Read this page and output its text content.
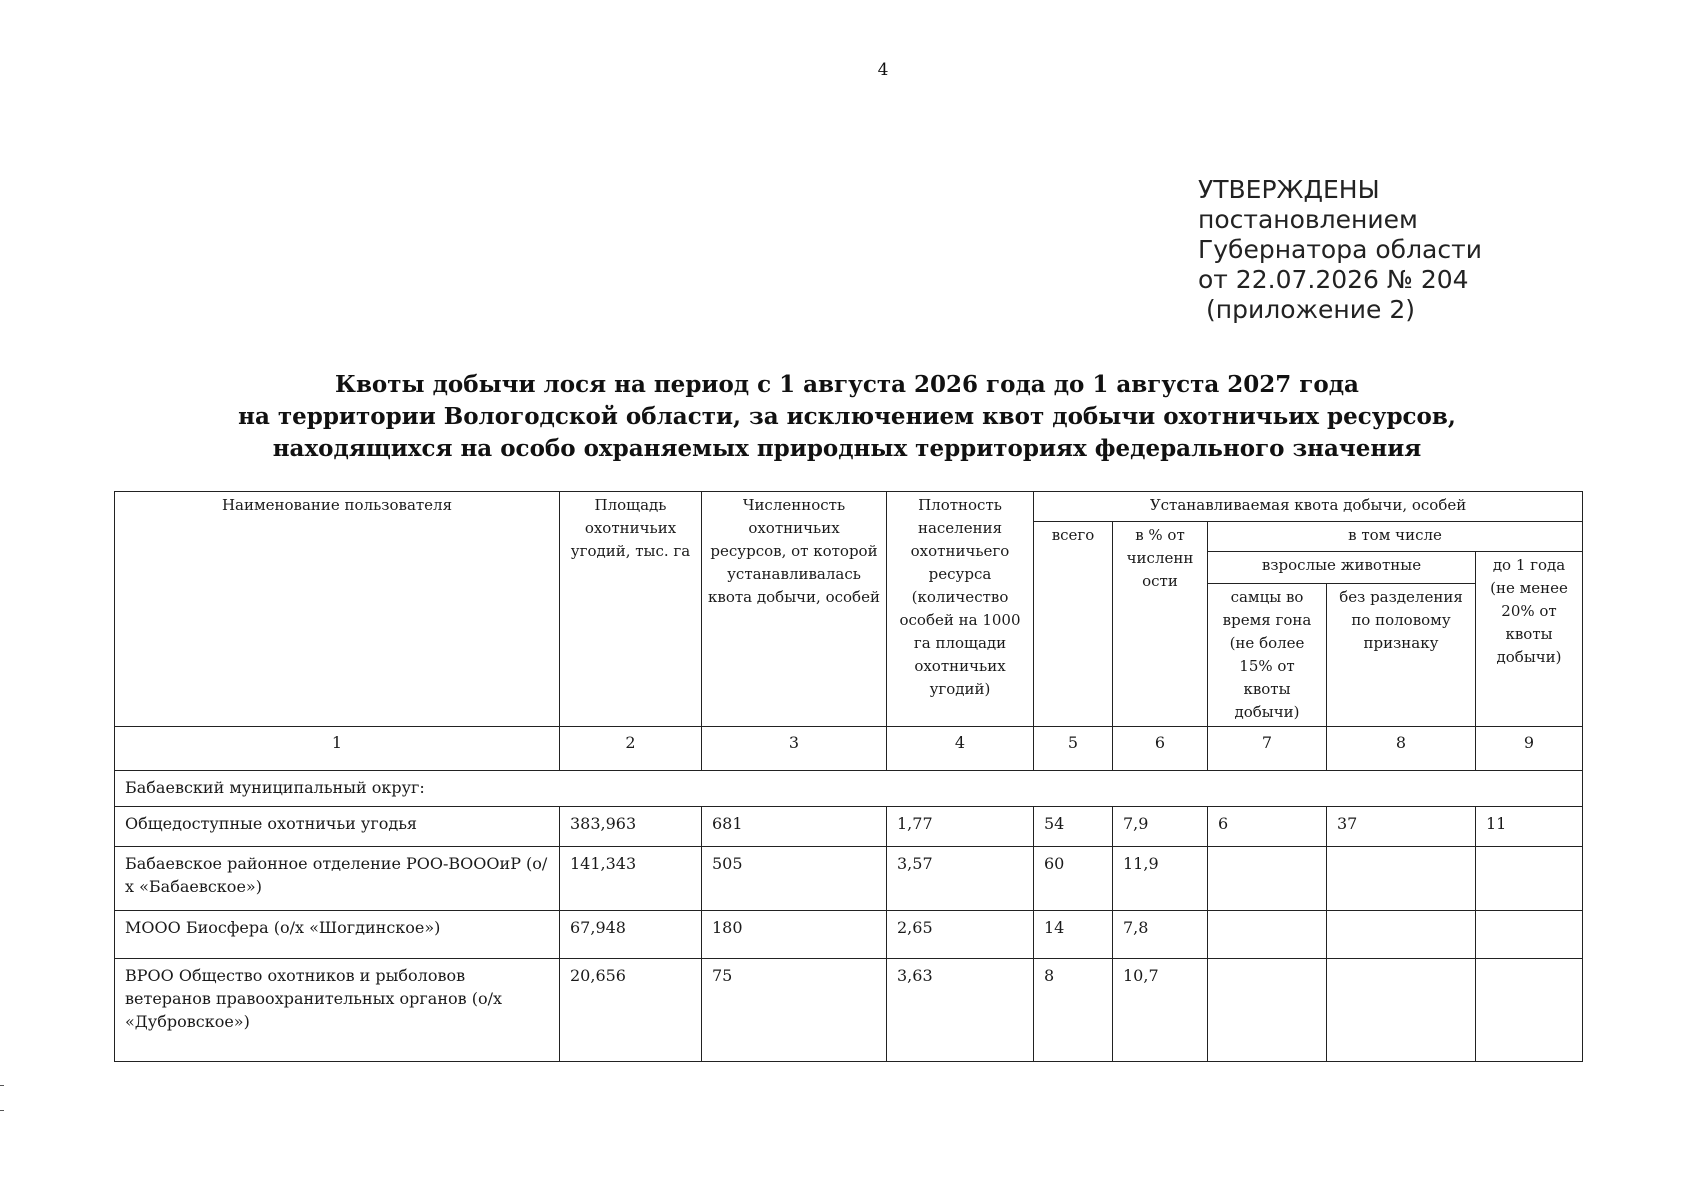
4
УТВЕРЖДЕНЫ
постановлением
Губернатора области
от 22.07.2026 № 204
(приложение 2)
Квоты добычи лося на период с 1 августа 2026 года до 1 августа 2027 года
на территории Вологодской области, за исключением квот добычи охотничьих ресурсов,
находящихся на особо охраняемых природных территориях федерального значения
Наименование пользователя	Площадь охотничьих угодий, тыс. га	Численность охотничьих ресурсов, от которой устанавливалась квота добычи, особей	Плотность населения охотничьего ресурса (количество особей на 1000 га площади охотничьих угодий)	Устанавливаемая квота добычи, особей				
				всего	в % от численн ости	в том числе		
						взрослые животные		до 1 года (не менее 20% от квоты добычи)
						самцы во время гона (не более 15% от квоты добычи)	без разделения по половому признаку	
1	2	3	4	5	6	7	8	9
Бабаевский муниципальный округ:								
Общедоступные охотничьи угодья	383,963	681	1,77	54	7,9	6	37	11
Бабаевское районное отделение РОО-ВОООиР (о/х «Бабаевское»)	141,343	505	3,57	60	11,9			
МООО Биосфера (о/х «Шогдинское»)	67,948	180	2,65	14	7,8			
ВРОО Общество охотников и рыболовов ветеранов правоохранительных органов (о/х «Дубровское»)	20,656	75	3,63	8	10,7			
